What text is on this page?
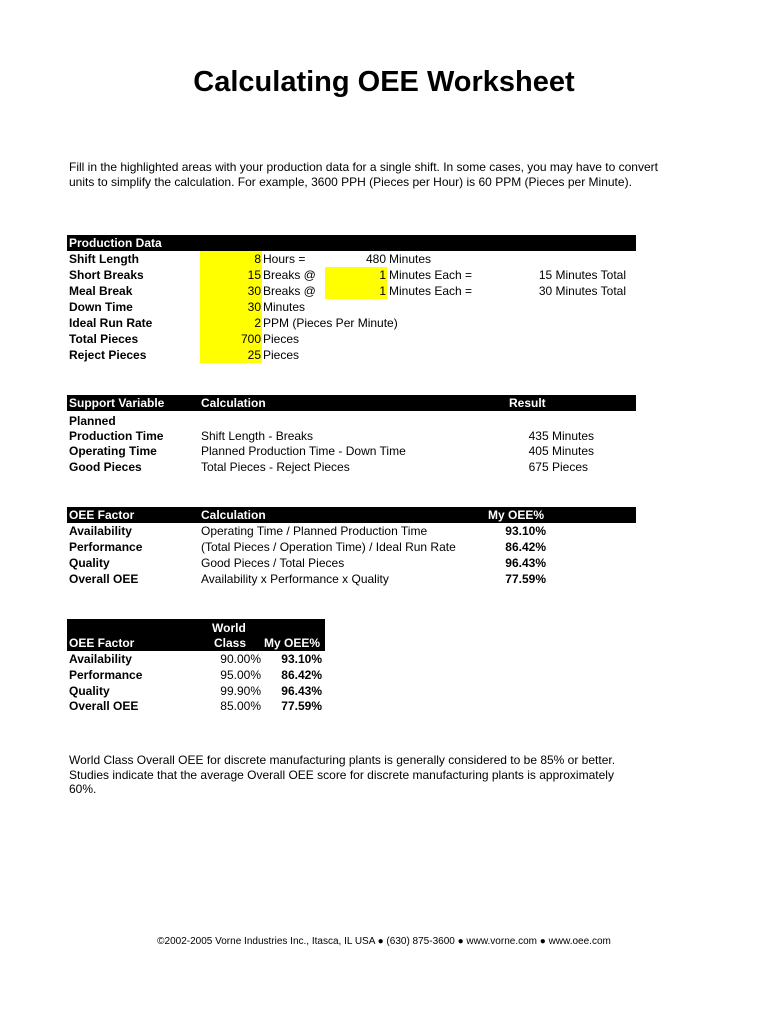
Calculating OEE Worksheet
Fill in the highlighted areas with your production data for a single shift. In some cases, you may have to convert units to simplify the calculation. For example, 3600 PPH (Pieces per Hour) is 60 PPM (Pieces per Minute).
Production Data
Shift Length	8 Hours =	480 Minutes
Short Breaks	15 Breaks @	1 Minutes Each =	15 Minutes Total
Meal Break	30 Breaks @	1 Minutes Each =	30 Minutes Total
Down Time	30 Minutes
Ideal Run Rate	2 PPM (Pieces Per Minute)
Total Pieces	700 Pieces
Reject Pieces	25 Pieces
Support Variable	Calculation	Result
Planned
Production Time	Shift Length - Breaks	435 Minutes
Operating Time	Planned Production Time - Down Time	405 Minutes
Good Pieces	Total Pieces - Reject Pieces	675 Pieces
OEE Factor	Calculation	My OEE%
Availability	Operating Time / Planned Production Time	93.10%
Performance	(Total Pieces / Operation Time) / Ideal Run Rate	86.42%
Quality	Good Pieces / Total Pieces	96.43%
Overall OEE	Availability x Performance x Quality	77.59%
OEE Factor
World
Class My OEE%
Availability	90.00%	93.10%
Performance	95.00%	86.42%
Quality	99.90%	96.43%
Overall OEE	85.00%	77.59%
World Class Overall OEE for discrete manufacturing plants is generally considered to be 85% or better. Studies indicate that the average Overall OEE score for discrete manufacturing plants is approximately 60%.
©2002-2005 Vorne Industries Inc., Itasca, IL USA ● (630) 875-3600 ● www.vorne.com ● www.oee.com
